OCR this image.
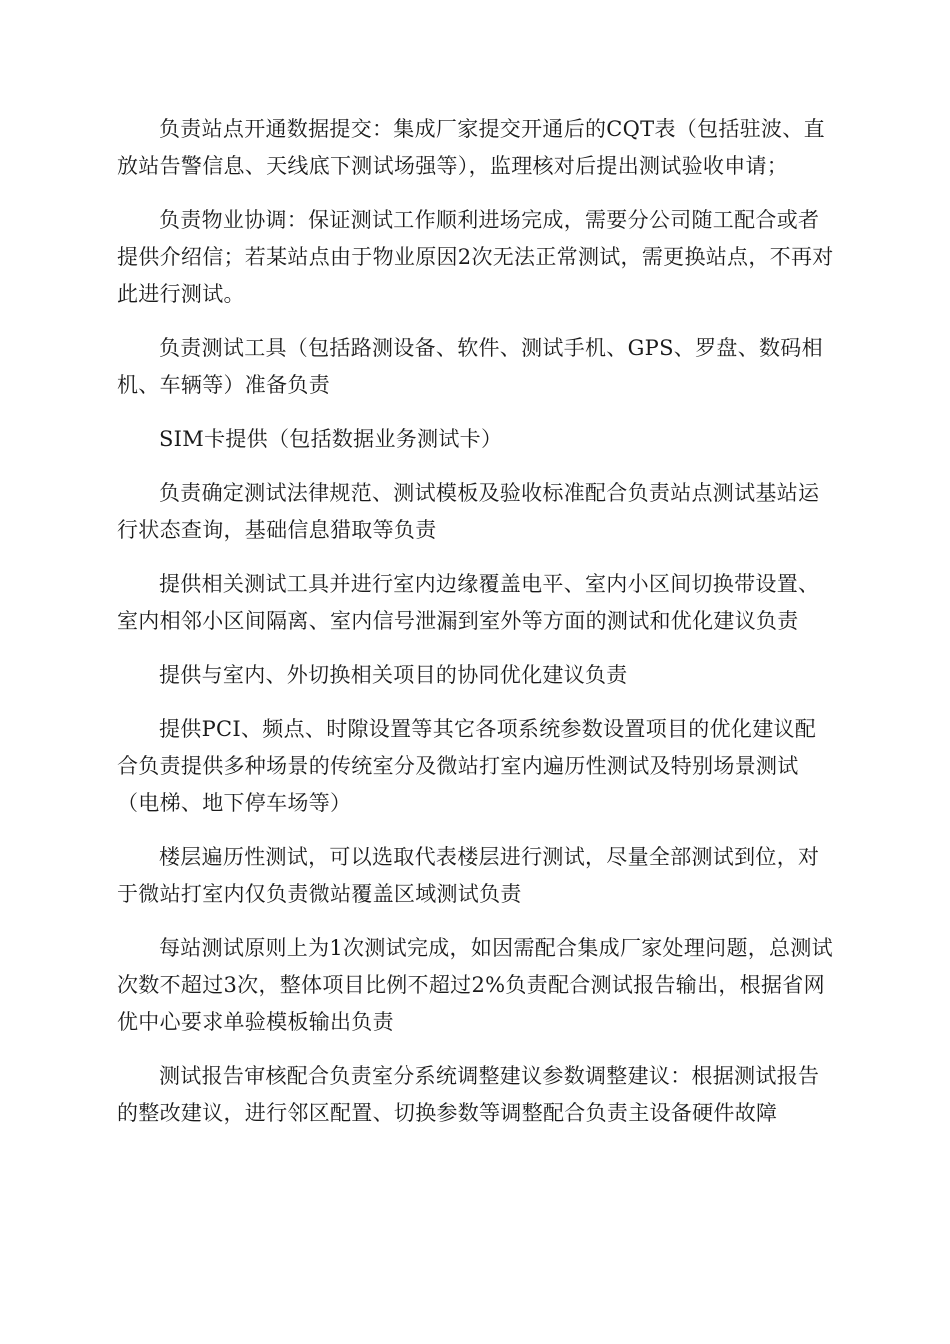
负责站点开通数据提交：集成厂家提交开通后的CQT表（包括驻波、直放站告警信息、天线底下测试场强等），监理核对后提出测试验收申请；

负责物业协调：保证测试工作顺利进场完成，需要分公司随工配合或者提供介绍信；若某站点由于物业原因2次无法正常测试，需更换站点，不再对此进行测试。

负责测试工具（包括路测设备、软件、测试手机、GPS、罗盘、数码相机、车辆等）准备负责

SIM卡提供（包括数据业务测试卡）

负责确定测试法律规范、测试模板及验收标准配合负责站点测试基站运行状态查询，基础信息猎取等负责

提供相关测试工具并进行室内边缘覆盖电平、室内小区间切换带设置、室内相邻小区间隔离、室内信号泄漏到室外等方面的测试和优化建议负责

提供与室内、外切换相关项目的协同优化建议负责

提供PCI、频点、时隙设置等其它各项系统参数设置项目的优化建议配合负责提供多种场景的传统室分及微站打室内遍历性测试及特别场景测试（电梯、地下停车场等）

楼层遍历性测试，可以选取代表楼层进行测试，尽量全部测试到位，对于微站打室内仅负责微站覆盖区域测试负责

每站测试原则上为1次测试完成，如因需配合集成厂家处理问题，总测试次数不超过3次，整体项目比例不超过2%负责配合测试报告输出，根据省网优中心要求单验模板输出负责

测试报告审核配合负责室分系统调整建议参数调整建议：根据测试报告的整改建议，进行邻区配置、切换参数等调整配合负责主设备硬件故障
